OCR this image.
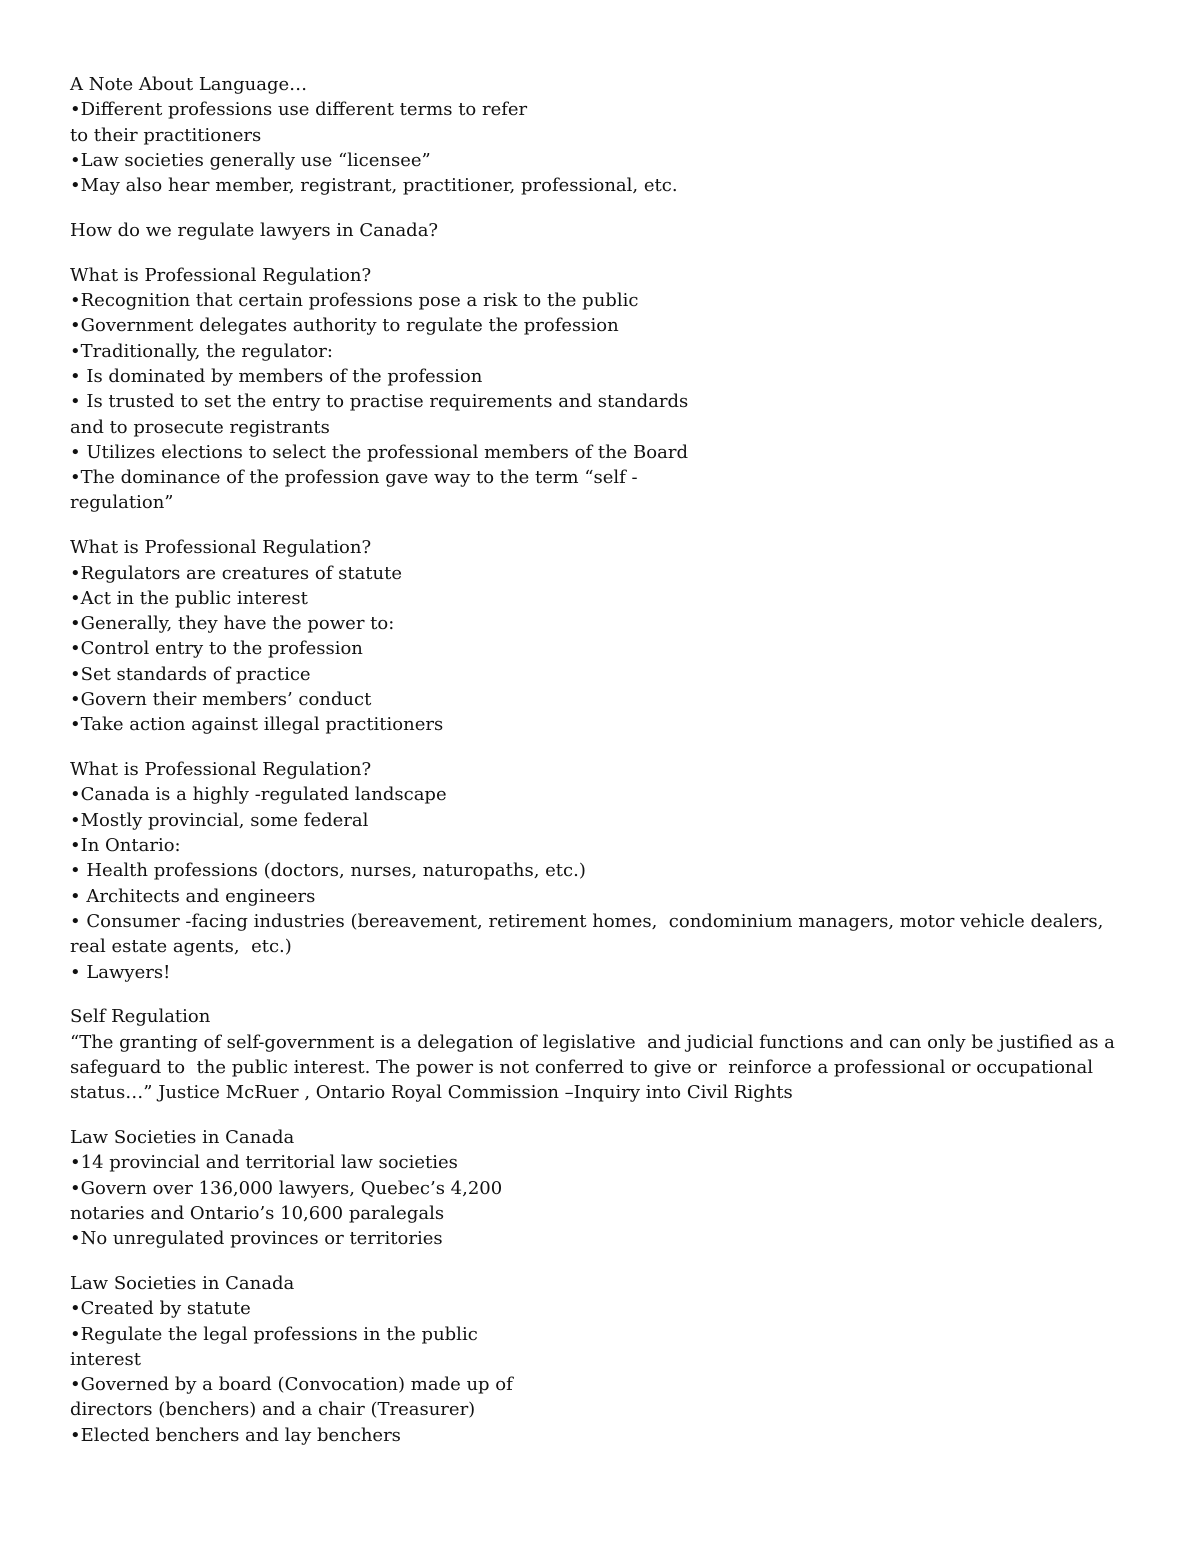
A Note About Language…
•Different professions use different terms to refer
to their practitioners
•Law societies generally use “licensee”
•May also hear member, registrant, practitioner, professional, etc.
How do we regulate lawyers in Canada?
What is Professional Regulation?
•Recognition that certain professions pose a risk to the public
•Government delegates authority to regulate the profession
•Traditionally, the regulator:
• Is dominated by members of the profession
• Is trusted to set the entry to practise requirements and standards
and to prosecute registrants
• Utilizes elections to select the professional members of the Board
•The dominance of the profession gave way to the term “self -
regulation”
What is Professional Regulation?
•Regulators are creatures of statute
•Act in the public interest
•Generally, they have the power to:
•Control entry to the profession
•Set standards of practice
•Govern their members’ conduct
•Take action against illegal practitioners
What is Professional Regulation?
•Canada is a highly -regulated landscape
•Mostly provincial, some federal
•In Ontario:
• Health professions (doctors, nurses, naturopaths, etc.)
• Architects and engineers
• Consumer -facing industries (bereavement, retirement homes,  condominium managers, motor vehicle dealers,
real estate agents,  etc.)
• Lawyers!
Self Regulation
“The granting of self-government is a delegation of legislative  and judicial functions and can only be justified as a
safeguard to  the public interest. The power is not conferred to give or  reinforce a professional or occupational
status…” Justice McRuer , Ontario Royal Commission –Inquiry into Civil Rights
Law Societies in Canada
•14 provincial and territorial law societies
•Govern over 136,000 lawyers, Quebec’s 4,200
notaries and Ontario’s 10,600 paralegals
•No unregulated provinces or territories
Law Societies in Canada
•Created by statute
•Regulate the legal professions in the public
interest
•Governed by a board (Convocation) made up of
directors (benchers) and a chair (Treasurer)
•Elected benchers and lay benchers
